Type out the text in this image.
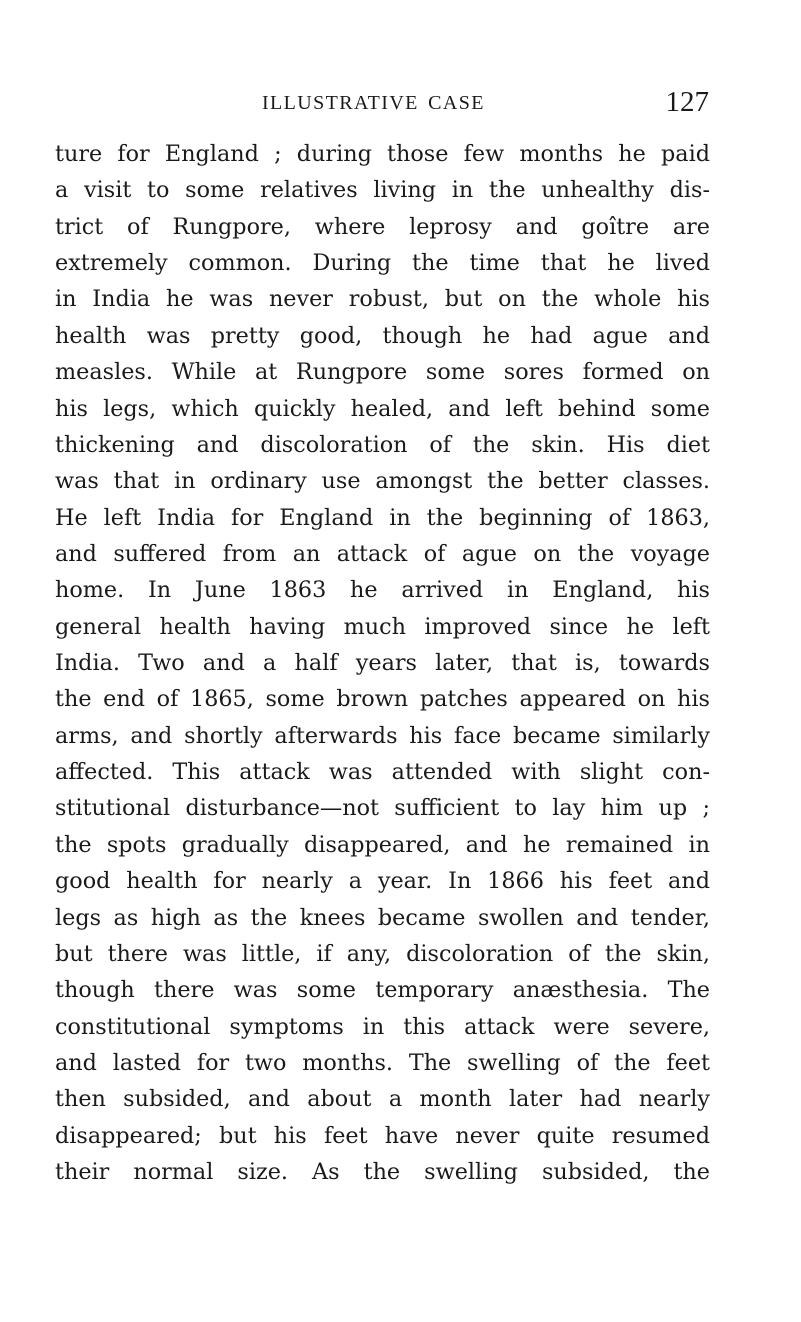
ILLUSTRATIVE CASE	127
ture for England ; during those few months he paid
a visit to some relatives living in the unhealthy dis-
trict of Rungpore, where leprosy and goître are
extremely common. During the time that he lived
in India he was never robust, but on the whole his
health was pretty good, though he had ague and
measles. While at Rungpore some sores formed on
his legs, which quickly healed, and left behind some
thickening and discoloration of the skin. His diet
was that in ordinary use amongst the better classes.
He left India for England in the beginning of 1863,
and suffered from an attack of ague on the voyage
home. In June 1863 he arrived in England, his
general health having much improved since he left
India. Two and a half years later, that is, towards
the end of 1865, some brown patches appeared on his
arms, and shortly afterwards his face became similarly
affected. This attack was attended with slight con-
stitutional disturbance—not sufficient to lay him up ;
the spots gradually disappeared, and he remained in
good health for nearly a year. In 1866 his feet and
legs as high as the knees became swollen and tender,
but there was little, if any, discoloration of the skin,
though there was some temporary anæsthesia. The
constitutional symptoms in this attack were severe,
and lasted for two months. The swelling of the feet
then subsided, and about a month later had nearly
disappeared; but his feet have never quite resumed
their normal size. As the swelling subsided, the
